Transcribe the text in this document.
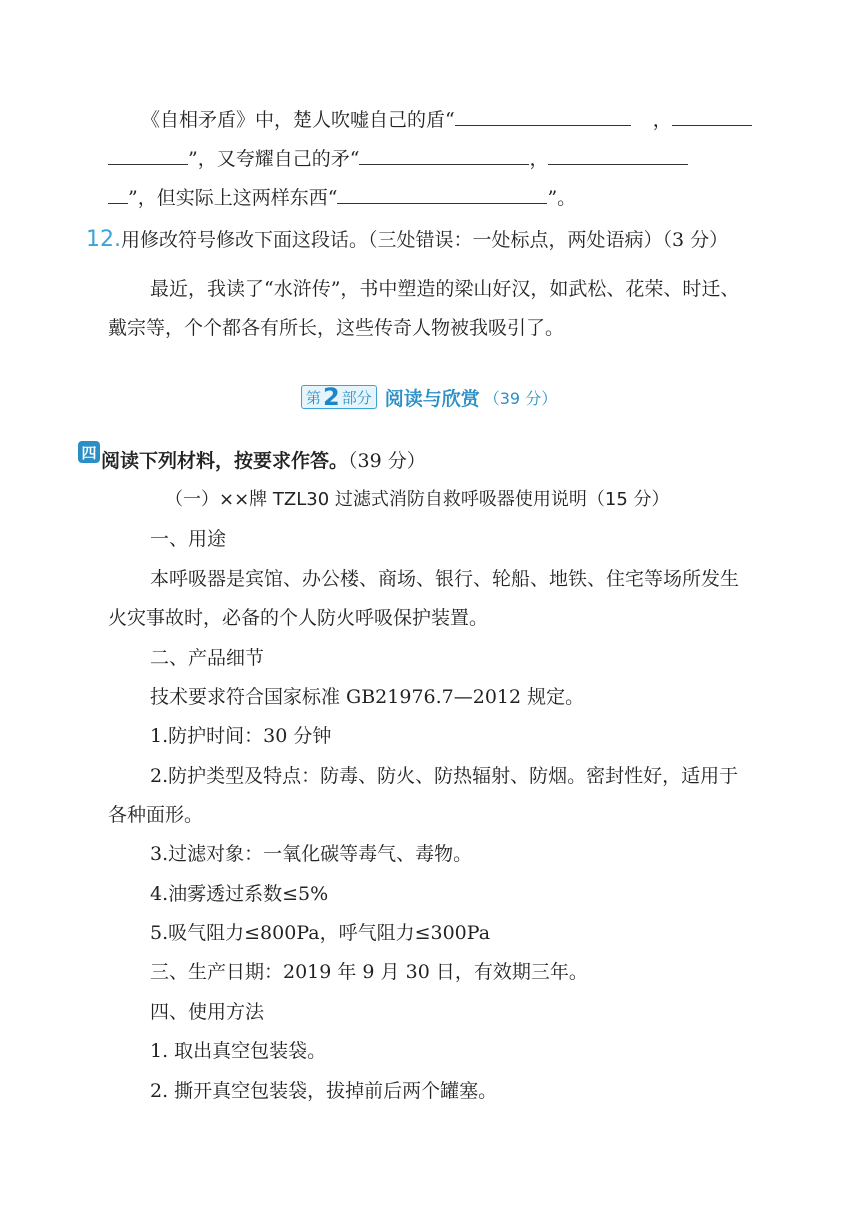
《自相矛盾》中，楚人吹嘘自己的盾“	，
”，又夸耀自己的矛“	，
”，但实际上这两样东西“	”。
12.用修改符号修改下面这段话。（三处错误：一处标点，两处语病）（3 分）
最近，我读了“水浒传”，书中塑造的梁山好汉，如武松、花荣、时迁、
戴宗等，个个都各有所长，这些传奇人物被我吸引了。
第 2 部分 阅读与欣赏 （39 分）
四 阅读下列材料，按要求作答。（39 分）
（一）××牌 TZL30 过滤式消防自救呼吸器使用说明（15 分）
一、用途
本呼吸器是宾馆、办公楼、商场、银行、轮船、地铁、住宅等场所发生
火灾事故时，必备的个人防火呼吸保护装置。
二、产品细节
技术要求符合国家标准 GB21976.7—2012 规定。
1.防护时间：30 分钟
2.防护类型及特点：防毒、防火、防热辐射、防烟。密封性好，适用于
各种面形。
3.过滤对象：一氧化碳等毒气、毒物。
4.油雾透过系数≤5%
5.吸气阻力≤800Pa，呼气阻力≤300Pa
三、生产日期：2019 年 9 月 30 日，有效期三年。
四、使用方法
1. 取出真空包装袋。
2. 撕开真空包装袋，拔掉前后两个罐塞。
